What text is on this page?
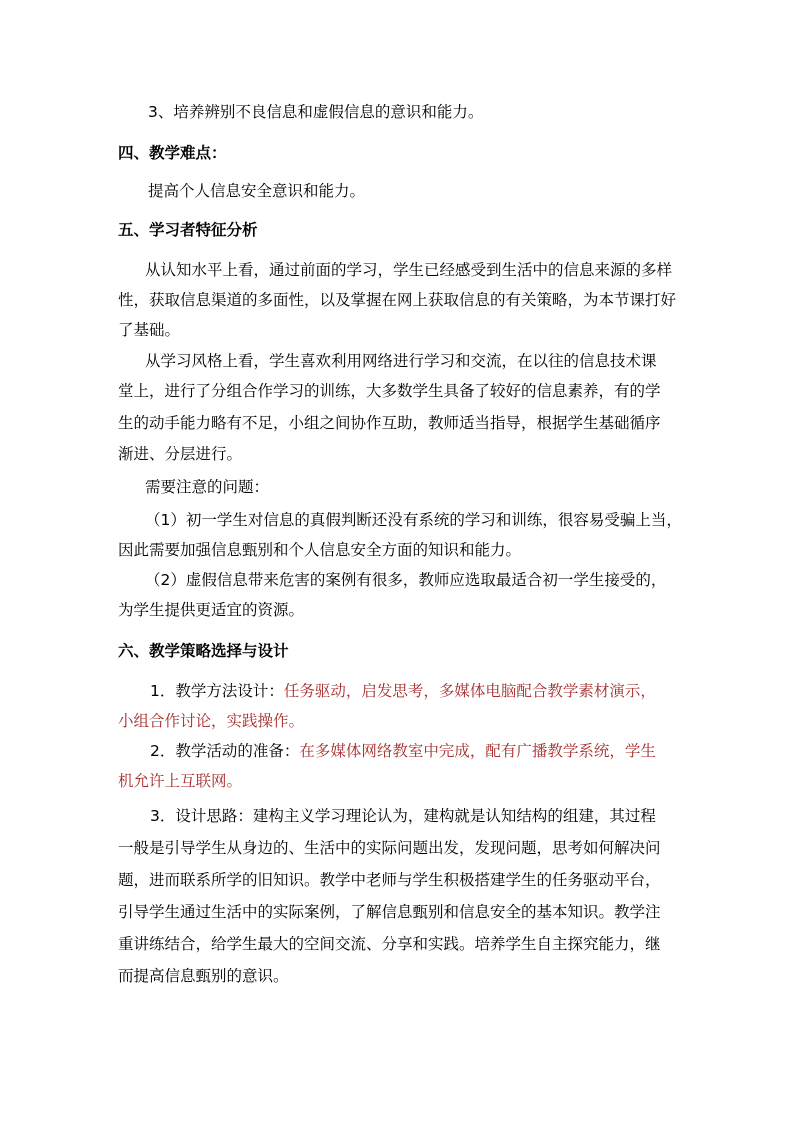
3、培养辨别不良信息和虚假信息的意识和能力。
四、教学难点：
提高个人信息安全意识和能力。
五、学习者特征分析
从认知水平上看，通过前面的学习，学生已经感受到生活中的信息来源的多样
性，获取信息渠道的多面性，以及掌握在网上获取信息的有关策略，为本节课打好
了基础。
从学习风格上看，学生喜欢利用网络进行学习和交流，在以往的信息技术课
堂上，进行了分组合作学习的训练，大多数学生具备了较好的信息素养，有的学
生的动手能力略有不足，小组之间协作互助，教师适当指导，根据学生基础循序
渐进、分层进行。
需要注意的问题：
（1）初一学生对信息的真假判断还没有系统的学习和训练，很容易受骗上当，
因此需要加强信息甄别和个人信息安全方面的知识和能力。
（2）虚假信息带来危害的案例有很多，教师应选取最适合初一学生接受的，
为学生提供更适宜的资源。
六、教学策略选择与设计
1．教学方法设计：任务驱动，启发思考，多媒体电脑配合教学素材演示，
小组合作讨论，实践操作。
2．教学活动的准备：在多媒体网络教室中完成，配有广播教学系统，学生
机允许上互联网。
3．设计思路：建构主义学习理论认为，建构就是认知结构的组建，其过程
一般是引导学生从身边的、生活中的实际问题出发，发现问题，思考如何解决问
题，进而联系所学的旧知识。教学中老师与学生积极搭建学生的任务驱动平台，
引导学生通过生活中的实际案例，了解信息甄别和信息安全的基本知识。教学注
重讲练结合，给学生最大的空间交流、分享和实践。培养学生自主探究能力，继
而提高信息甄别的意识。
